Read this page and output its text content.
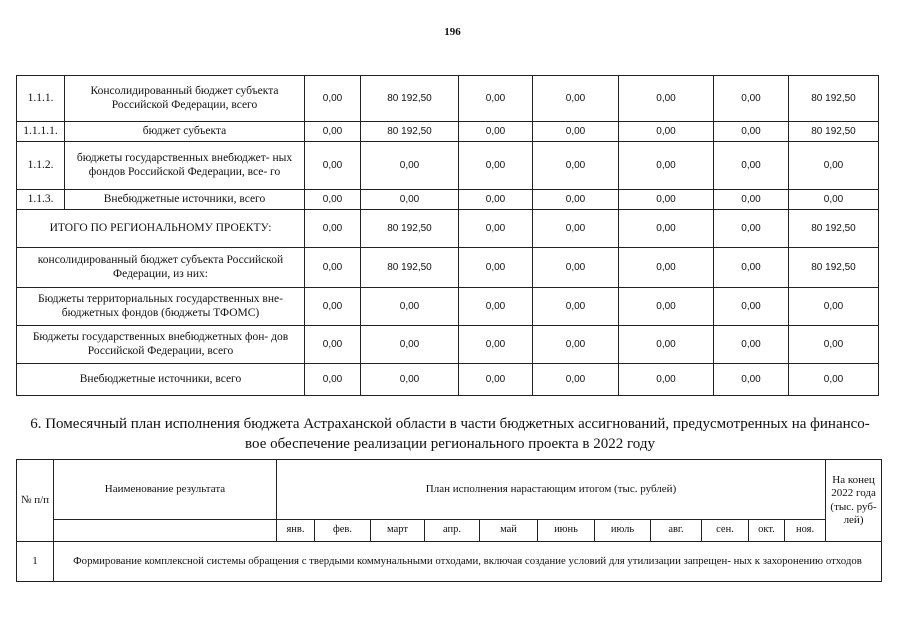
196
1.1.1.	Консолидированный бюджет субъекта Российской Федерации, всего	0,00	80 192,50	0,00	0,00	0,00	0,00	80 192,50
1.1.1.1.	бюджет субъекта	0,00	80 192,50	0,00	0,00	0,00	0,00	80 192,50
1.1.2.	бюджеты государственных внебюджет- ных фондов Российской Федерации, все- го	0,00	0,00	0,00	0,00	0,00	0,00	0,00
1.1.3.	Внебюджетные источники, всего	0,00	0,00	0,00	0,00	0,00	0,00	0,00
ИТОГО ПО РЕГИОНАЛЬНОМУ ПРОЕКТУ:		0,00	80 192,50	0,00	0,00	0,00	0,00	80 192,50
консолидированный бюджет субъекта Российской Федерации, из них:		0,00	80 192,50	0,00	0,00	0,00	0,00	80 192,50
Бюджеты территориальных государственных вне- бюджетных фондов (бюджеты ТФОМС)		0,00	0,00	0,00	0,00	0,00	0,00	0,00
Бюджеты государственных внебюджетных фон- дов Российской Федерации, всего		0,00	0,00	0,00	0,00	0,00	0,00	0,00
Внебюджетные источники, всего		0,00	0,00	0,00	0,00	0,00	0,00	0,00
6. Помесячный план исполнения бюджета Астраханской области в части бюджетных ассигнований, предусмотренных на финансо-
вое обеспечение реализации регионального проекта в 2022 году
№ п/п	Наименование результата	План исполнения нарастающим итогом (тыс. рублей)											На конец 2022 года (тыс. руб- лей)
		янв.	фев.	март	апр.	май	июнь	июль	авг.	сен.	окт.	ноя.	
1	Формирование комплексной системы обращения с твердыми коммунальными отходами, включая создание условий для утилизации запрещен- ных к захоронению отходов												
